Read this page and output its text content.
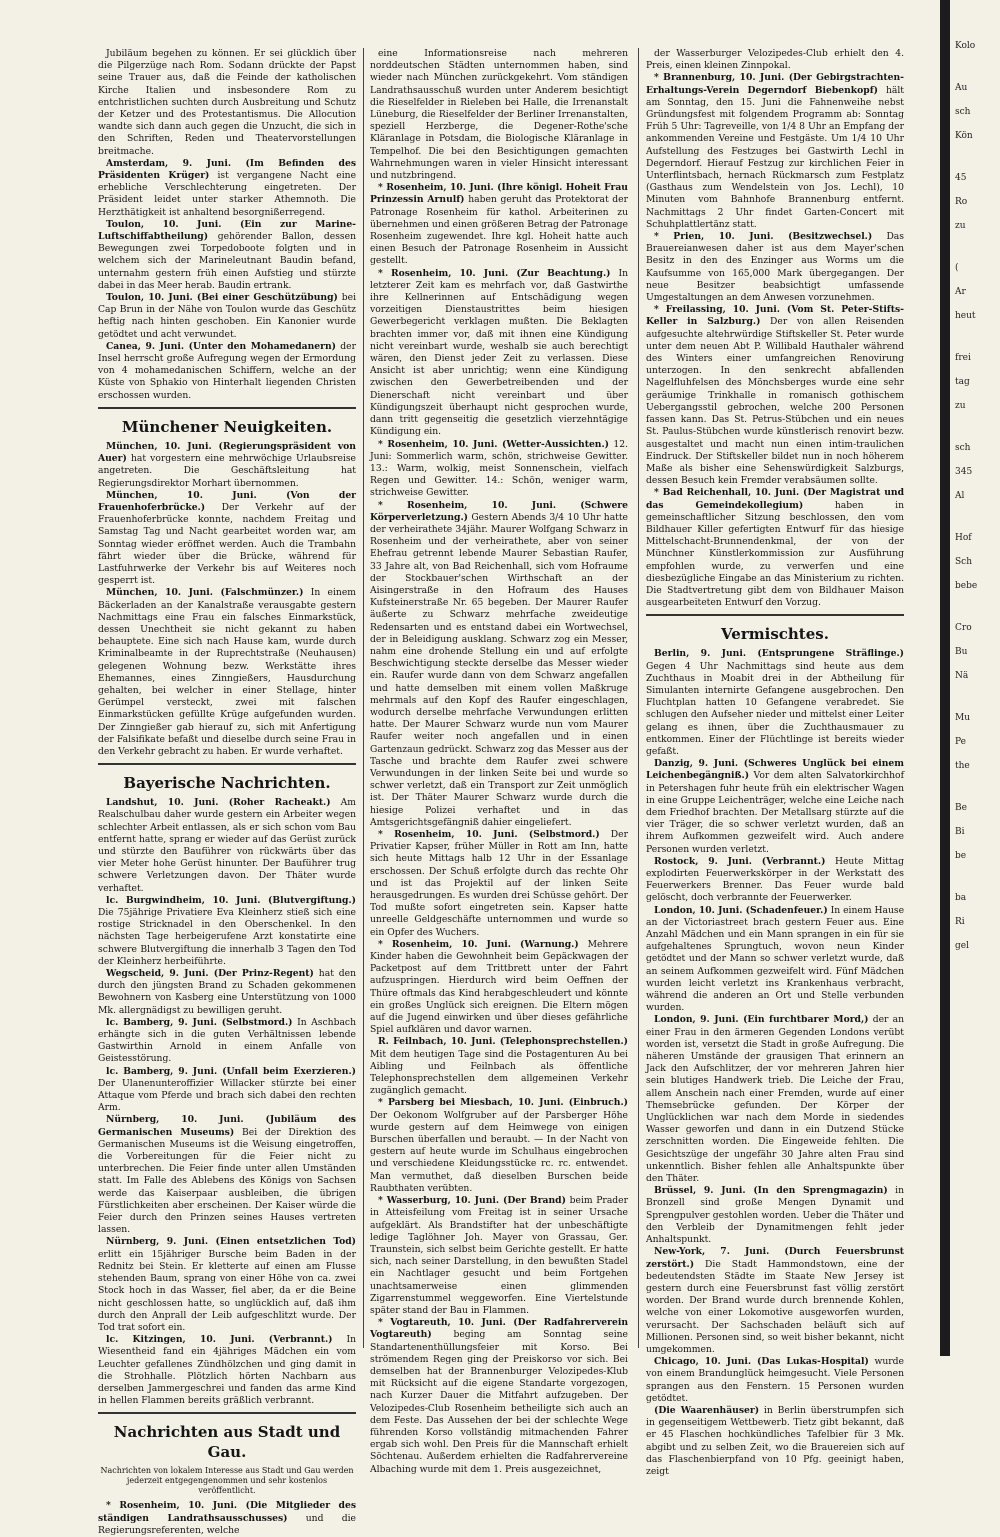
Jubiläum begehen zu können. Er sei glücklich über die Pilgerzüge nach Rom. Sodann drückte der Papst seine Trauer aus, daß die Feinde der katholischen Kirche Italien und insbesondere Rom zu entchristlichen suchten durch Ausbreitung und Schutz der Ketzer und des Protestantismus. Die Allocution wandte sich dann auch gegen die Unzucht, die sich in den Schriften, Reden und Theatervorstellungen breitmache.

Amsterdam, 9. Juni. (Im Befinden des Präsidenten Krüger) ist vergangene Nacht eine erhebliche Verschlechterung eingetreten. Der Präsident leidet unter starker Athemnoth. Die Herzthätigkeit ist anhaltend besorgnißerregend.

Toulon, 10. Juni. (Ein zur Marine-Luftschiffabtheilung) gehörender Ballon, dessen Bewegungen zwei Torpedoboote folgten und in welchem sich der Marineleutnant Baudin befand, unternahm gestern früh einen Aufstieg und stürzte dabei in das Meer herab. Baudin ertrank.

Toulon, 10. Juni. (Bei einer Geschützübung) bei Cap Brun in der Nähe von Toulon wurde das Geschütz heftig nach hinten geschoben. Ein Kanonier wurde getödtet und acht verwundet.

Canea, 9. Juni. (Unter den Mohamedanern) der Insel herrscht große Aufregung wegen der Ermordung von 4 mohamedanischen Schiffern, welche an der Küste von Sphakio von Hinterhalt liegenden Christen erschossen wurden.

Münchener Neuigkeiten.

München, 10. Juni. (Regierungspräsident von Auer) hat vorgestern eine mehrwöchige Urlaubsreise angetreten. Die Geschäftsleitung hat Regierungsdirektor Morhart übernommen.

München, 10. Juni. (Von der Frauenhoferbrücke.) Der Verkehr auf der Frauenhoferbrücke konnte, nachdem Freitag und Samstag Tag und Nacht gearbeitet worden war, am Sonntag wieder eröffnet werden. Auch die Trambahn fährt wieder über die Brücke, während für Lastfuhrwerke der Verkehr bis auf Weiteres noch gesperrt ist.

München, 10. Juni. (Falschmünzer.) In einem Bäckerladen an der Kanalstraße verausgabte gestern Nachmittags eine Frau ein falsches Einmarkstück, dessen Unechtheit sie nicht gekannt zu haben behauptete. Eine sich nach Hause kam, wurde durch Kriminalbeamte in der Ruprechtstraße (Neuhausen) gelegenen Wohnung bezw. Werkstätte ihres Ehemannes, eines Zinngießers, Hausdurchung gehalten, bei welcher in einer Stellage, hinter Gerümpel versteckt, zwei mit falschen Einmarkstücken gefüllte Krüge aufgefunden wurden. Der Zinngießer gab hierauf zu, sich mit Anfertigung der Falsifikate befaßt und dieselbe durch seine Frau in den Verkehr gebracht zu haben. Er wurde verhaftet.

Bayerische Nachrichten.

Landshut, 10. Juni. (Roher Racheakt.) Am Realschulbau daher wurde gestern ein Arbeiter wegen schlechter Arbeit entlassen, als er sich schon vom Bau entfernt hatte, sprang er wieder auf das Gerüst zurück und stürzte den Bauführer von rückwärts über das vier Meter hohe Gerüst hinunter. Der Bauführer trug schwere Verletzungen davon. Der Thäter wurde verhaftet.

lc. Burgwindheim, 10. Juni. (Blutvergiftung.) Die 75jährige Privatiere Eva Kleinherz stieß sich eine rostige Stricknadel in den Oberschenkel. In den nächsten Tage herbeigerufene Arzt konstatirte eine schwere Blutvergiftung die innerhalb 3 Tagen den Tod der Kleinherz herbeiführte.

Wegscheid, 9. Juni. (Der Prinz-Regent) hat den durch den jüngsten Brand zu Schaden gekommenen Bewohnern von Kasberg eine Unterstützung von 1000 Mk. allergnädigst zu bewilligen geruht.

lc. Bamberg, 9. Juni. (Selbstmord.) In Aschbach erhängte sich in die guten Verhältnissen lebende Gastwirthin Arnold in einem Anfalle von Geistesstörung.

lc. Bamberg, 9. Juni. (Unfall beim Exerzieren.) Der Ulanenunteroffizier Willacker stürzte bei einer Attaque vom Pferde und brach sich dabei den rechten Arm.

Nürnberg, 10. Juni. (Jubiläum des Germanischen Museums) Bei der Direktion des Germanischen Museums ist die Weisung eingetroffen, die Vorbereitungen für die Feier nicht zu unterbrechen. Die Feier finde unter allen Umständen statt. Im Falle des Ablebens des Königs von Sachsen werde das Kaiserpaar ausbleiben, die übrigen Fürstlichkeiten aber erscheinen. Der Kaiser würde die Feier durch den Prinzen seines Hauses vertreten lassen.

Nürnberg, 9. Juni. (Einen entsetzlichen Tod) erlitt ein 15jähriger Bursche beim Baden in der Rednitz bei Stein. Er kletterte auf einen am Flusse stehenden Baum, sprang von einer Höhe von ca. zwei Stock hoch in das Wasser, fiel aber, da er die Beine nicht geschlossen hatte, so unglücklich auf, daß ihm durch den Anprall der Leib aufgeschlitzt wurde. Der Tod trat sofort ein.

lc. Kitzingen, 10. Juni. (Verbrannt.) In Wiesentheid fand ein 4jähriges Mädchen ein vom Leuchter gefallenes Zündhölzchen und ging damit in die Strohhalle. Plötzlich hörten Nachbarn aus derselben Jammergeschrei und fanden das arme Kind in hellen Flammen bereits gräßlich verbrannt.

Nachrichten aus Stadt und Gau.
Nachrichten von lokalem Interesse aus Stadt und Gau werden jederzeit entgegengenommen und sehr kostenlos veröffentlicht.

* Rosenheim, 10. Juni. (Die Mitglieder des ständigen Landrathsausschusses) und die Regierungsreferenten, welche

eine Informationsreise nach mehreren norddeutschen Städten unternommen haben, sind wieder nach München zurückgekehrt. Vom ständigen Landrathsausschuß wurden unter Anderem besichtigt die Rieselfelder in Rieleben bei Halle, die Irrenanstalt Lüneburg, die Rieselfelder der Berliner Irrenanstalten, speziell Herzberge, die Degener-Rothe'sche Kläranlage in Potsdam, die Biologische Kläranlage in Tempelhof. Die bei den Besichtigungen gemachten Wahrnehmungen waren in vieler Hinsicht interessant und nutzbringend.

* Rosenheim, 10. Juni. (Ihre königl. Hoheit Frau Prinzessin Arnulf) haben geruht das Protektorat der Patronage Rosenheim für kathol. Arbeiterinen zu übernehmen und einen größeren Betrag der Patronage Rosenheim zugewendet. Ihre kgl. Hoheit hatte auch einen Besuch der Patronage Rosenheim in Aussicht gestellt.

* Rosenheim, 10. Juni. (Zur Beachtung.) In letzterer Zeit kam es mehrfach vor, daß Gastwirthe ihre Kellnerinnen auf Entschädigung wegen vorzeitigen Dienstaustrittes beim hiesigen Gewerbegericht verklagen mußten. Die Beklagten brachten immer vor, daß mit ihnen eine Kündigung nicht vereinbart wurde, weshalb sie auch berechtigt wären, den Dienst jeder Zeit zu verlassen. Diese Ansicht ist aber unrichtig; wenn eine Kündigung zwischen den Gewerbetreibenden und der Dienerschaft nicht vereinbart und über Kündigungszeit überhaupt nicht gesprochen wurde, dann tritt gegenseitig die gesetzlich vierzehntägige Kündigung ein.

* Rosenheim, 10. Juni. (Wetter-Aussichten.) 12. Juni: Sommerlich warm, schön, strichweise Gewitter. 13.: Warm, wolkig, meist Sonnenschein, vielfach Regen und Gewitter. 14.: Schön, weniger warm, strichweise Gewitter.

* Rosenheim, 10. Juni. (Schwere Körperverletzung.) Gestern Abends 3/4 10 Uhr hatte der verheirathete 34jähr. Maurer Wolfgang Schwarz in Rosenheim und der verheirathete, aber von seiner Ehefrau getrennt lebende Maurer Sebastian Raufer, 33 Jahre alt, von Bad Reichenhall, sich vom Hofraume der Stockbauer'schen Wirthschaft an der Aisingerstraße in den Hofraum des Hauses Kufsteinerstraße Nr. 65 begeben. Der Maurer Raufer äußerte zu Schwarz mehrfache zweideutige Redensarten und es entstand dabei ein Wortwechsel, der in Beleidigung ausklang. Schwarz zog ein Messer, nahm eine drohende Stellung ein und auf erfolgte Beschwichtigung steckte derselbe das Messer wieder ein. Raufer wurde dann von dem Schwarz angefallen und hatte demselben mit einem vollen Maßkruge mehrmals auf den Kopf des Raufer eingeschlagen, wodurch derselbe mehrfache Verwundungen erlitten hatte. Der Maurer Schwarz wurde nun vom Maurer Raufer weiter noch angefallen und in einen Gartenzaun gedrückt. Schwarz zog das Messer aus der Tasche und brachte dem Raufer zwei schwere Verwundungen in der linken Seite bei und wurde so schwer verletzt, daß ein Transport zur Zeit unmöglich ist. Der Thäter Maurer Schwarz wurde durch die hiesige Polizei verhaftet und in das Amtsgerichtsgefängniß dahier eingeliefert.

* Rosenheim, 10. Juni. (Selbstmord.) Der Privatier Kapser, früher Müller in Rott am Inn, hatte sich heute Mittags halb 12 Uhr in der Essanlage erschossen. Der Schuß erfolgte durch das rechte Ohr und ist das Projektil auf der linken Seite herausgedrungen. Es wurden drei Schüsse gehört. Der Tod mußte sofort eingetreten sein. Kapser hatte unreelle Geldgeschäfte unternommen und wurde so ein Opfer des Wuchers.

* Rosenheim, 10. Juni. (Warnung.) Mehrere Kinder haben die Gewohnheit beim Gepäckwagen der Packetpost auf dem Trittbrett unter der Fahrt aufzuspringen. Hierdurch wird beim Oeffnen der Thüre oftmals das Kind herabgeschleudert und könnte ein großes Unglück sich ereignen. Die Eltern mögen auf die Jugend einwirken und über dieses gefährliche Spiel aufklären und davor warnen.

R. Feilnbach, 10. Juni. (Telephonsprechstellen.) Mit dem heutigen Tage sind die Postagenturen Au bei Aibling und Feilnbach als öffentliche Telephonsprechstellen dem allgemeinen Verkehr zugänglich gemacht.

* Parsberg bei Miesbach, 10. Juni. (Einbruch.) Der Oekonom Wolfgruber auf der Parsberger Höhe wurde gestern auf dem Heimwege von einigen Burschen überfallen und beraubt. — In der Nacht von gestern auf heute wurde im Schulhaus eingebrochen und verschiedene Kleidungsstücke rc. rc. entwendet. Man vermuthet, daß dieselben Burschen beide Raubthaten verübten.

* Wasserburg, 10. Juni. (Der Brand) beim Prader in Atteisfeilung vom Freitag ist in seiner Ursache aufgeklärt. Als Brandstifter hat der unbeschäftigte ledige Taglöhner Joh. Mayer von Grassau, Ger. Traunstein, sich selbst beim Gerichte gestellt. Er hatte sich, nach seiner Darstellung, in den bewußten Stadel ein Nachtlager gesucht und beim Fortgehen unachtsamerweise einen glimmenden Zigarrenstummel weggeworfen. Eine Viertelstunde später stand der Bau in Flammen.

* Vogtareuth, 10. Juni. (Der Radfahrerverein Vogtareuth) beging am Sonntag seine Standartenenthüllungsfeier mit Korso. Bei strömendem Regen ging der Preiskorso vor sich. Bei demselben hat der Brannenburger Velozipedes-Klub mit Rücksicht auf die eigene Standarte vorgezogen, nach Kurzer Dauer die Mitfahrt aufzugeben. Der Velozipedes-Club Rosenheim betheiligte sich auch an dem Feste. Das Aussehen der bei der schlechte Wege führenden Korso vollständig mitmachenden Fahrer ergab sich wohl. Den Preis für die Mannschaft erhielt Söchtenau. Außerdem erhielten die Radfahrervereine Albaching wurde mit dem 1. Preis ausgezeichnet,

der Wasserburger Velozipedes-Club erhielt den 4. Preis, einen kleinen Zinnpokal.

* Brannenburg, 10. Juni. (Der Gebirgstrachten-Erhaltungs-Verein Degerndorf Biebenkopf) hält am Sonntag, den 15. Juni die Fahnenweihe nebst Gründungsfest mit folgendem Programm ab: Sonntag Früh 5 Uhr: Tagreveille, von 1/4 8 Uhr an Empfang der ankommenden Vereine und Festgäste. Um 1/4 10 Uhr Aufstellung des Festzuges bei Gastwirth Lechl in Degerndorf. Hierauf Festzug zur kirchlichen Feier in Unterflintsbach, hernach Rückmarsch zum Festplatz (Gasthaus zum Wendelstein von Jos. Lechl), 10 Minuten vom Bahnhofe Brannenburg entfernt. Nachmittags 2 Uhr findet Garten-Concert mit Schuhplattlertänz statt.

* Prien, 10. Juni. (Besitzwechsel.) Das Brauereianwesen daher ist aus dem Mayer'schen Besitz in den des Enzinger aus Worms um die Kaufsumme von 165,000 Mark übergegangen. Der neue Besitzer beabsichtigt umfassende Umgestaltungen an dem Anwesen vorzunehmen.

* Freilassing, 10. Juni. (Vom St. Peter-Stifts-Keller in Salzburg.) Der von allen Reisenden aufgesuchte altehrwürdige Stiftskeller St. Peter wurde unter dem neuen Abt P. Willibald Hauthaler während des Winters einer umfangreichen Renovirung unterzogen. In den senkrecht abfallenden Nagelfluhfelsen des Mönchsberges wurde eine sehr geräumige Trinkhalle in romanisch gothischem Uebergangsstil gebrochen, welche 200 Personen fassen kann. Das St. Petrus-Stübchen und ein neues St. Paulus-Stübchen wurde künstlerisch renovirt bezw. ausgestaltet und macht nun einen intim-traulichen Eindruck. Der Stiftskeller bildet nun in noch höherem Maße als bisher eine Sehenswürdigkeit Salzburgs, dessen Besuch kein Fremder verabsäumen sollte.

* Bad Reichenhall, 10. Juni. (Der Magistrat und das Gemeindekollegium)	haben in gemeinschaftlicher Sitzung beschlossen, den vom Bildhauer Killer gefertigten Entwurf für das hiesige Mittelschacht-Brunnendenkmal, der von der Münchner Künstlerkommission zur Ausführung empfohlen wurde, zu verwerfen und eine diesbezügliche Eingabe an das Ministerium zu richten. Die Stadtvertretung gibt dem von Bildhauer Maison ausgearbeiteten Entwurf den Vorzug.

Vermischtes.

Berlin, 9. Juni. (Entsprungene Sträflinge.) Gegen 4 Uhr Nachmittags sind heute aus dem Zuchthaus in Moabit drei in der Abtheilung für Simulanten internirte Gefangene ausgebrochen. Den Fluchtplan hatten 10 Gefangene verabredet. Sie schlugen den Aufseher nieder und mittelst einer Leiter gelang es ihnen, über die Zuchthausmauer zu entkommen. Einer der Flüchtlinge ist bereits wieder gefaßt.

Danzig, 9. Juni. (Schweres Unglück bei einem Leichenbegängniß.) Vor dem alten Salvatorkirchhof in Petershagen fuhr heute früh ein elektrischer Wagen in eine Gruppe Leichenträger, welche eine Leiche nach dem Friedhof brachten. Der Metallsarg stürzte auf die vier Träger, die so schwer verletzt wurden, daß an ihrem Aufkommen gezweifelt wird. Auch andere Personen wurden verletzt.

Rostock, 9. Juni. (Verbrannt.) Heute Mittag explodirten Feuerwerkskörper in der Werkstatt des Feuerwerkers Brenner. Das Feuer wurde bald gelöscht, doch verbrannte der Feuerwerker.

London, 10. Juni. (Schadenfeuer.) In einem Hause an der Victoriastreet brach gestern Feuer aus. Eine Anzahl Mädchen und ein Mann sprangen in ein für sie aufgehaltenes Sprungtuch, wovon neun Kinder getödtet und der Mann so schwer verletzt wurde, daß an seinem Aufkommen gezweifelt wird. Fünf Mädchen wurden leicht verletzt ins Krankenhaus verbracht, während die anderen an Ort und Stelle verbunden wurden.

London, 9. Juni. (Ein furchtbarer Mord,) der an einer Frau in den ärmeren Gegenden Londons verübt worden ist, versetzt die Stadt in große Aufregung. Die näheren Umstände der grausigen That erinnern an Jack den Aufschlitzer, der vor mehreren Jahren hier sein blutiges Handwerk trieb. Die Leiche der Frau, allem Anschein nach einer Fremden, wurde auf einer Themsebrücke gefunden. Der Körper der Unglücklichen war nach dem Morde in siedendes Wasser geworfen und dann in ein Dutzend Stücke zerschnitten worden. Die Eingeweide fehlten. Die Gesichtszüge der ungefähr 30 Jahre alten Frau sind unkenntlich. Bisher fehlen alle Anhaltspunkte über den Thäter.

Brüssel, 9. Juni. (In den Sprengmagazin) in Bronzell sind große Mengen Dynamit und Sprengpulver gestohlen worden. Ueber die Thäter und den Verbleib der Dynamitmengen fehlt jeder Anhaltspunkt.

New-York, 7. Juni. (Durch Feuersbrunst zerstört.) Die Stadt Hammondstown, eine der bedeutendsten Städte im Staate New Jersey ist gestern durch eine Feuersbrunst fast völlig zerstört worden. Der Brand wurde durch brennende Kohlen, welche von einer Lokomotive ausgeworfen wurden, verursacht. Der Sachschaden beläuft sich auf Millionen. Personen sind, so weit bisher bekannt, nicht umgekommen.

Chicago, 10. Juni. (Das Lukas-Hospital) wurde von einem Brandunglück heimgesucht. Viele Personen sprangen aus den Fenstern. 15 Personen wurden getödtet.

(Die Waarenhäuser) in Berlin überstrumpfen sich in gegenseitigem Wettbewerb. Tietz gibt bekannt, daß er 45 Flaschen hochkündliches Tafelbier für 3 Mk. abgibt und zu selben Zeit, wo die Brauereien sich auf das Flaschenbierpfand von 10 Pfg. geeinigt haben, zeigt

Kolo
Au
sch
Kön
45
Ro
zu
(
Ar
heut
frei
tag
zu
sch
345
Al
Hof
Sch
bebe
Cro
Bu
Nä
Mu
Pe
the
Be
Bi
be
ba
Ri
gel
